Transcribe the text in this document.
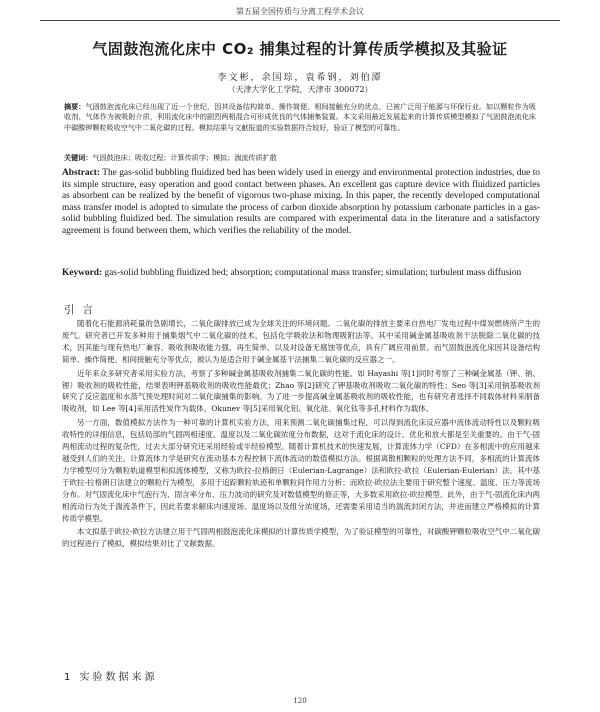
第五届全国传质与分离工程学术会议
气固鼓泡流化床中 CO₂ 捕集过程的计算传质学模拟及其验证
李文彬，余国琮，袁希钢，刘伯潭
（天津大学化工学院，天津市 300072）
摘要：气固鼓泡流化床已经出现了近一个世纪，因其设备结构简单、操作简便、相间接触充分的优点，已被广泛用于能源与环保行业。如以颗粒作为吸收剂、气体作为被吸附介质，利用流化床中的剧烈两相混合可形成优良的气体捕集装置。本文采用最近发展起来的计算传质模型模拟了气固鼓泡流化床中碳酸钾颗粒吸收空气中二氧化碳的过程。模拟结果与文献报道的实验数据符合较好，验证了模型的可靠性。
关键词：气固鼓泡床；吸收过程；计算传质学；模拟；湍流传质扩散
Abstract: The gas-solid bubbling fluidized bed has been widely used in energy and environmental protection industries, due to its simple structure, easy operation and good contact between phases. An excellent gas capture device with fluidized particles as absorbent can be realized by the benefit of vigorous two-phase mixing. In this paper, the recently developed computational mass transfer model is adopted to simulate the process of carbon dioxide absorption by potassium carbonate particles in a gas-solid bubbling fluidized bed. The simulation results are compared with experimental data in the literature and a satisfactory agreement is found between them, which verifies the reliability of the model.
Keyword: gas-solid bubbling fluidized bed; absorption; computational mass transfer; simulation; turbulent mass diffusion
引言

随着化石能源消耗量的急剧增长，二氧化碳排放已成为全球关注的环境问题。二氧化碳的排放主要来自热电厂发电过程中煤炭燃烧所产生的废气。研究者已开发多种用于捕集烟气中二氧化碳的技术，包括化学吸收法和物理吸附法等。其中采用碱金属基吸收剂干法脱除二氧化碳的技术，因其能与现有热电厂兼容、吸收剂吸收能力强、再生简单、以及对设备无腐蚀等优点，具有广阔应用前景。而气固鼓泡流化床因其设备结构简单、操作简便、相间接触充分等优点，被认为是适合用于碱金属基干法捕集二氧化碳的反应器之一。

近年来众多研究者采用实验方法，考察了多种碱金属基吸收剂捕集二氧化碳的性能。如 Hayashi 等[1]同时考察了三种碱金属基（钾、钠、锂）吸收剂的吸收性能，结果表明钾基吸收剂的吸收性能最优；Zhao 等[2]研究了钾基吸收剂吸收二氧化碳的特性；Seo 等[3]采用钠基吸收剂研究了反应温度和水蒸气预处理时间对二氧化碳捕集的影响。为了进一步提高碱金属基吸收剂的吸收性能，也有研究者选择不同载体材料来制备吸收剂，如 Lee 等[4]采用活性炭作为载体，Okunev 等[5]采用氧化铝、氧化硅、氧化钛等多孔材料作为载体。

另一方面，数值模拟方法作为一种可靠的计算机实验方法，用来预测二氧化碳捕集过程，可以得到流化床反应器中流体流动特性以及颗粒吸收特性的详细信息，包括局部的气固两相速度、温度以及二氧化碳浓度分布数据，这对于流化床的设计、优化和放大都是至关重要的。由于气-固两相流动过程的复杂性，过去大部分研究还采用经验或半经验模型。随着计算机技术的快速发展，计算流体力学（CFD）在多相流中的应用越来越受到人们的关注。计算流体力学是研究在流动基本方程控制下流体流动的数值模拟方法。根据离散相颗粒的处理方法不同，多相流的计算流体力学模型可分为颗粒轨道模型和拟流体模型，又称为欧拉-拉格朗日（Eulerian-Lagrange）法和欧拉-欧拉（Eulerian-Eulerian）法。其中基于欧拉-拉格朗日法建立的颗粒行为模型，多用于追踪颗粒轨迹和单颗粒间作用力分析；而欧拉-欧拉法主要用于研究整个速度、温度、压力等流场分布。对气固流化床中气泡行为、固含率分布、压力波动的研究及对数值模型的修正等，大多数采用欧拉-欧拉模型。此外，由于气-固流化床内两相流动行为处于湍流条件下，因此若要求解床内速度场、温度场以及组分浓度场，还需要采用适当的湍流封闭方法，并进而建立严格模拟的计算传质学模型。

本文拟基于欧拉-欧拉方法建立用于气固两相鼓泡流化床模拟的计算传质学模型，为了验证模型的可靠性，对碳酸钾颗粒吸收空气中二氧化碳的过程进行了模拟，模拟结果对比了文献数据。

1 实验数据来源
120
